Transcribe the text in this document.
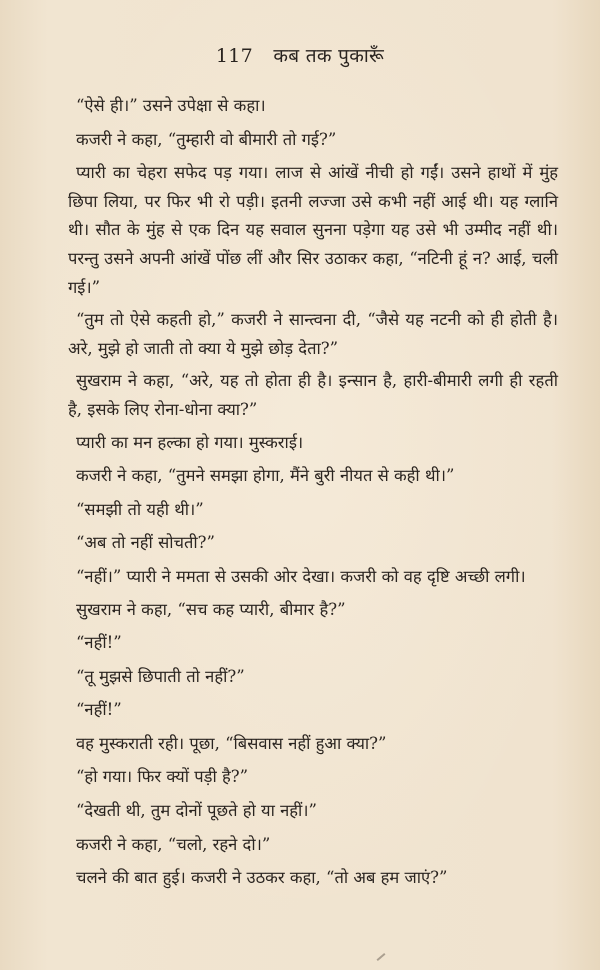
117 कब तक पुकारूँ

“ऐसे ही।” उसने उपेक्षा से कहा।

कजरी ने कहा, “तुम्हारी वो बीमारी तो गई?”

प्यारी का चेहरा सफेद पड़ गया। लाज से आंखें नीची हो गईं। उसने हाथों में मुंह छिपा लिया, पर फिर भी रो पड़ी। इतनी लज्जा उसे कभी नहीं आई थी। यह ग्लानि थी। सौत के मुंह से एक दिन यह सवाल सुनना पड़ेगा यह उसे भी उम्मीद नहीं थी। परन्तु उसने अपनी आंखें पोंछ लीं और सिर उठाकर कहा, “नटिनी हूं न? आई, चली गई।”

“तुम तो ऐसे कहती हो,” कजरी ने सान्त्वना दी, “जैसे यह नटनी को ही होती है। अरे, मुझे हो जाती तो क्या ये मुझे छोड़ देता?”

सुखराम ने कहा, “अरे, यह तो होता ही है। इन्सान है, हारी-बीमारी लगी ही रहती है, इसके लिए रोना-धोना क्या?”

प्यारी का मन हल्का हो गया। मुस्कराई।

कजरी ने कहा, “तुमने समझा होगा, मैंने बुरी नीयत से कही थी।”

“समझी तो यही थी।”

“अब तो नहीं सोचती?”

“नहीं।” प्यारी ने ममता से उसकी ओर देखा। कजरी को वह दृष्टि अच्छी लगी।

सुखराम ने कहा, “सच कह प्यारी, बीमार है?”

“नहीं!”

“तू मुझसे छिपाती तो नहीं?”

“नहीं!”

वह मुस्कराती रही। पूछा, “बिसवास नहीं हुआ क्या?”

“हो गया। फिर क्यों पड़ी है?”

“देखती थी, तुम दोनों पूछते हो या नहीं।”

कजरी ने कहा, “चलो, रहने दो।”

चलने की बात हुई। कजरी ने उठकर कहा, “तो अब हम जाएं?”
